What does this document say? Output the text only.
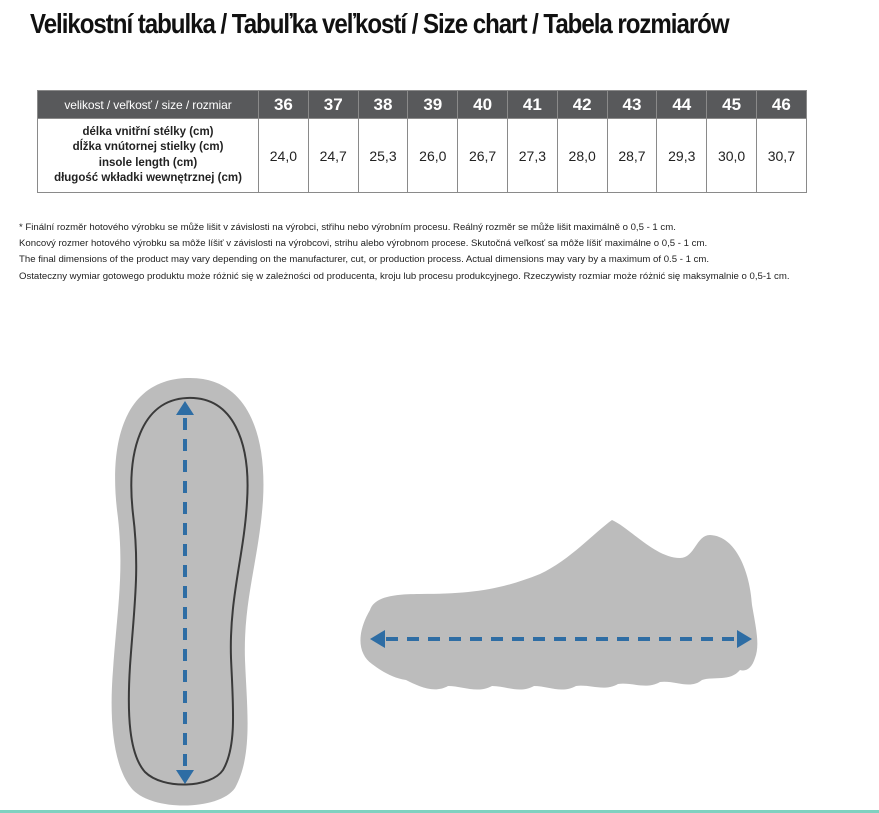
Velikostní tabulka / Tabuľka veľkostí / Size chart / Tabela rozmiarów
velikost / veľkosť / size / rozmiar	36	37	38	39	40	41	42	43	44	45	46

délka vnitřní stélky (cm)
dĺžka vnútornej stielky (cm)
insole length (cm)
długość wkładki wewnętrznej (cm)	24,0	24,7	25,3	26,0	26,7	27,3	28,0	28,7	29,3	30,0	30,7

* Finální rozměr hotového výrobku se může lišit v závislosti na výrobci, střihu nebo výrobním procesu. Reálný rozměr se může lišit maximálně o 0,5 - 1 cm.

Koncový rozmer hotového výrobku sa môže líšiť v závislosti na výrobcovi, strihu alebo výrobnom procese. Skutočná veľkosť sa môže líšiť maximálne o 0,5 - 1 cm.

The final dimensions of the product may vary depending on the manufacturer, cut, or production process. Actual dimensions may vary by a maximum of 0.5 - 1 cm.

Ostateczny wymiar gotowego produktu może różnić się w zależności od producenta, kroju lub procesu produkcyjnego. Rzeczywisty rozmiar może różnić się maksymalnie o 0,5-1 cm.
